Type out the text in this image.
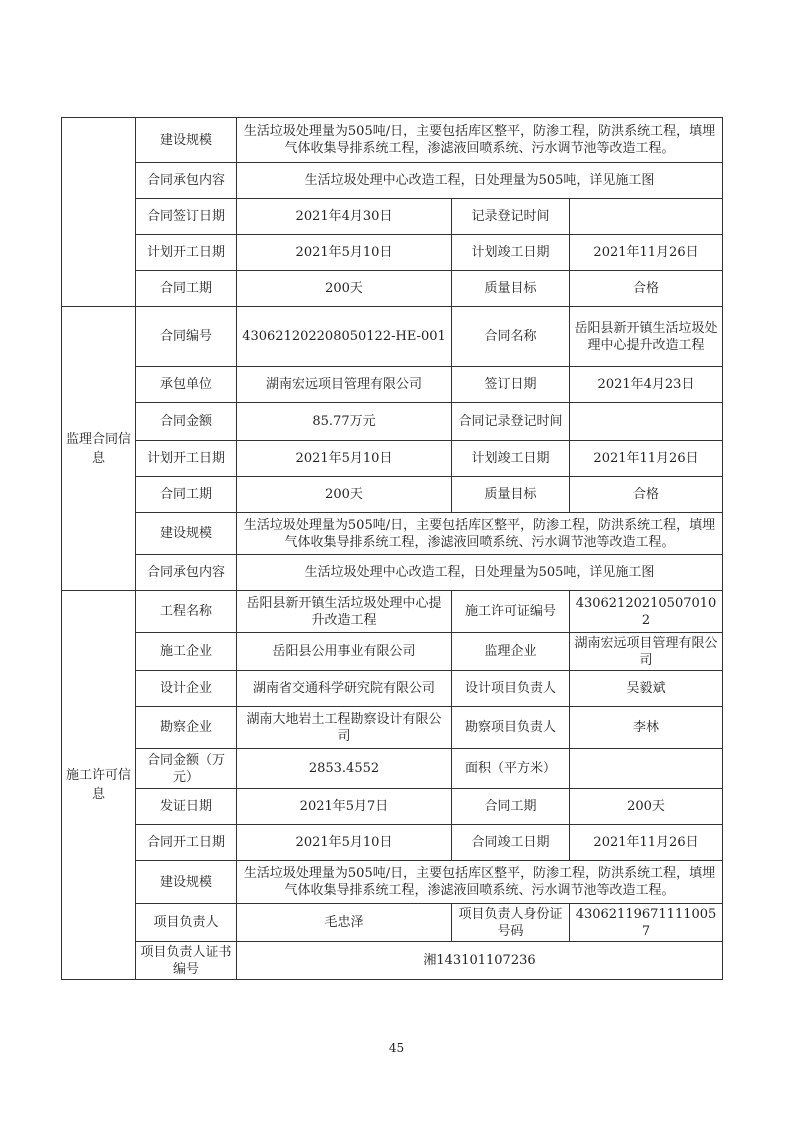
	建设规模	生活垃圾处理量为505吨/日，主要包括库区整平，防渗工程，防洪系统工程，填埋气体收集导排系统工程，渗滤液回喷系统、污水调节池等改造工程。		
	合同承包内容	生活垃圾处理中心改造工程，日处理量为505吨，详见施工图		
	合同签订日期	2021年4月30日	记录登记时间	
	计划开工日期	2021年5月10日	计划竣工日期	2021年11月26日
	合同工期	200天	质量目标	合格
监理合同信息	合同编号	430621202208050122-HE-001	合同名称	岳阳县新开镇生活垃圾处理中心提升改造工程
	承包单位	湖南宏远项目管理有限公司	签订日期	2021年4月23日
	合同金额	85.77万元	合同记录登记时间	
	计划开工日期	2021年5月10日	计划竣工日期	2021年11月26日
	合同工期	200天	质量目标	合格
	建设规模	生活垃圾处理量为505吨/日，主要包括库区整平，防渗工程，防洪系统工程，填埋气体收集导排系统工程，渗滤液回喷系统、污水调节池等改造工程。		
	合同承包内容	生活垃圾处理中心改造工程，日处理量为505吨，详见施工图		
施工许可信息	工程名称	岳阳县新开镇生活垃圾处理中心提升改造工程	施工许可证编号	430621202105070102
	施工企业	岳阳县公用事业有限公司	监理企业	湖南宏远项目管理有限公司
	设计企业	湖南省交通科学研究院有限公司	设计项目负责人	吴毅斌
	勘察企业	湖南大地岩土工程勘察设计有限公司	勘察项目负责人	李林
	合同金额（万元）	2853.4552	面积（平方米）	
	发证日期	2021年5月7日	合同工期	200天
	合同开工日期	2021年5月10日	合同竣工日期	2021年11月26日
	建设规模	生活垃圾处理量为505吨/日，主要包括库区整平，防渗工程，防洪系统工程，填埋气体收集导排系统工程，渗滤液回喷系统、污水调节池等改造工程。		
	项目负责人	毛忠泽	项目负责人身份证号码	430621196711110057
	项目负责人证书编号	湘143101107236		
45
